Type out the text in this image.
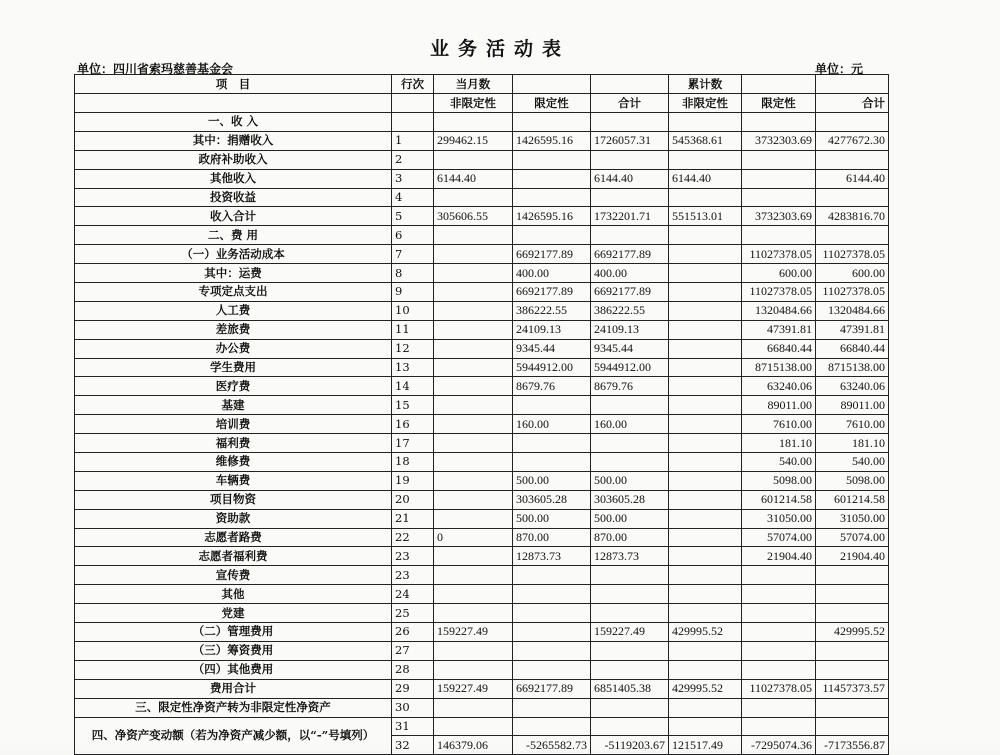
业务活动表
单位：四川省索玛慈善基金会	单位：元
项　目	行次	当月数			累计数		
		非限定性	限定性	合计	非限定性	限定性	合计
一、收 入							
其中：捐赠收入	1	299462.15	1426595.16	1726057.31	545368.61	3732303.69	4277672.30
政府补助收入	2						
其他收入	3	6144.40		6144.40	6144.40		6144.40
投资收益	4						
收入合计	5	305606.55	1426595.16	1732201.71	551513.01	3732303.69	4283816.70
二、费 用	6						
（一）业务活动成本	7		6692177.89	6692177.89		11027378.05	11027378.05
其中：运费	8		400.00	400.00		600.00	600.00
专项定点支出	9		6692177.89	6692177.89		11027378.05	11027378.05
人工费	10		386222.55	386222.55		1320484.66	1320484.66
差旅费	11		24109.13	24109.13		47391.81	47391.81
办公费	12		9345.44	9345.44		66840.44	66840.44
学生费用	13		5944912.00	5944912.00		8715138.00	8715138.00
医疗费	14		8679.76	8679.76		63240.06	63240.06
基建	15					89011.00	89011.00
培训费	16		160.00	160.00		7610.00	7610.00
福利费	17					181.10	181.10
维修费	18					540.00	540.00
车辆费	19		500.00	500.00		5098.00	5098.00
项目物资	20		303605.28	303605.28		601214.58	601214.58
资助款	21		500.00	500.00		31050.00	31050.00
志愿者路费	22	0	870.00	870.00		57074.00	57074.00
志愿者福利费	23		12873.73	12873.73		21904.40	21904.40
宣传费	23						
其他	24						
党建	25						
（二）管理费用	26	159227.49		159227.49	429995.52		429995.52
（三）筹资费用	27						
（四）其他费用	28						
费用合计	29	159227.49	6692177.89	6851405.38	429995.52	11027378.05	11457373.57
三、限定性净资产转为非限定性净资产	30						
四、净资产变动额（若为净资产减少额，以“-”号填列）	31						
	32	146379.06	-5265582.73	-5119203.67	121517.49	-7295074.36	-7173556.87
